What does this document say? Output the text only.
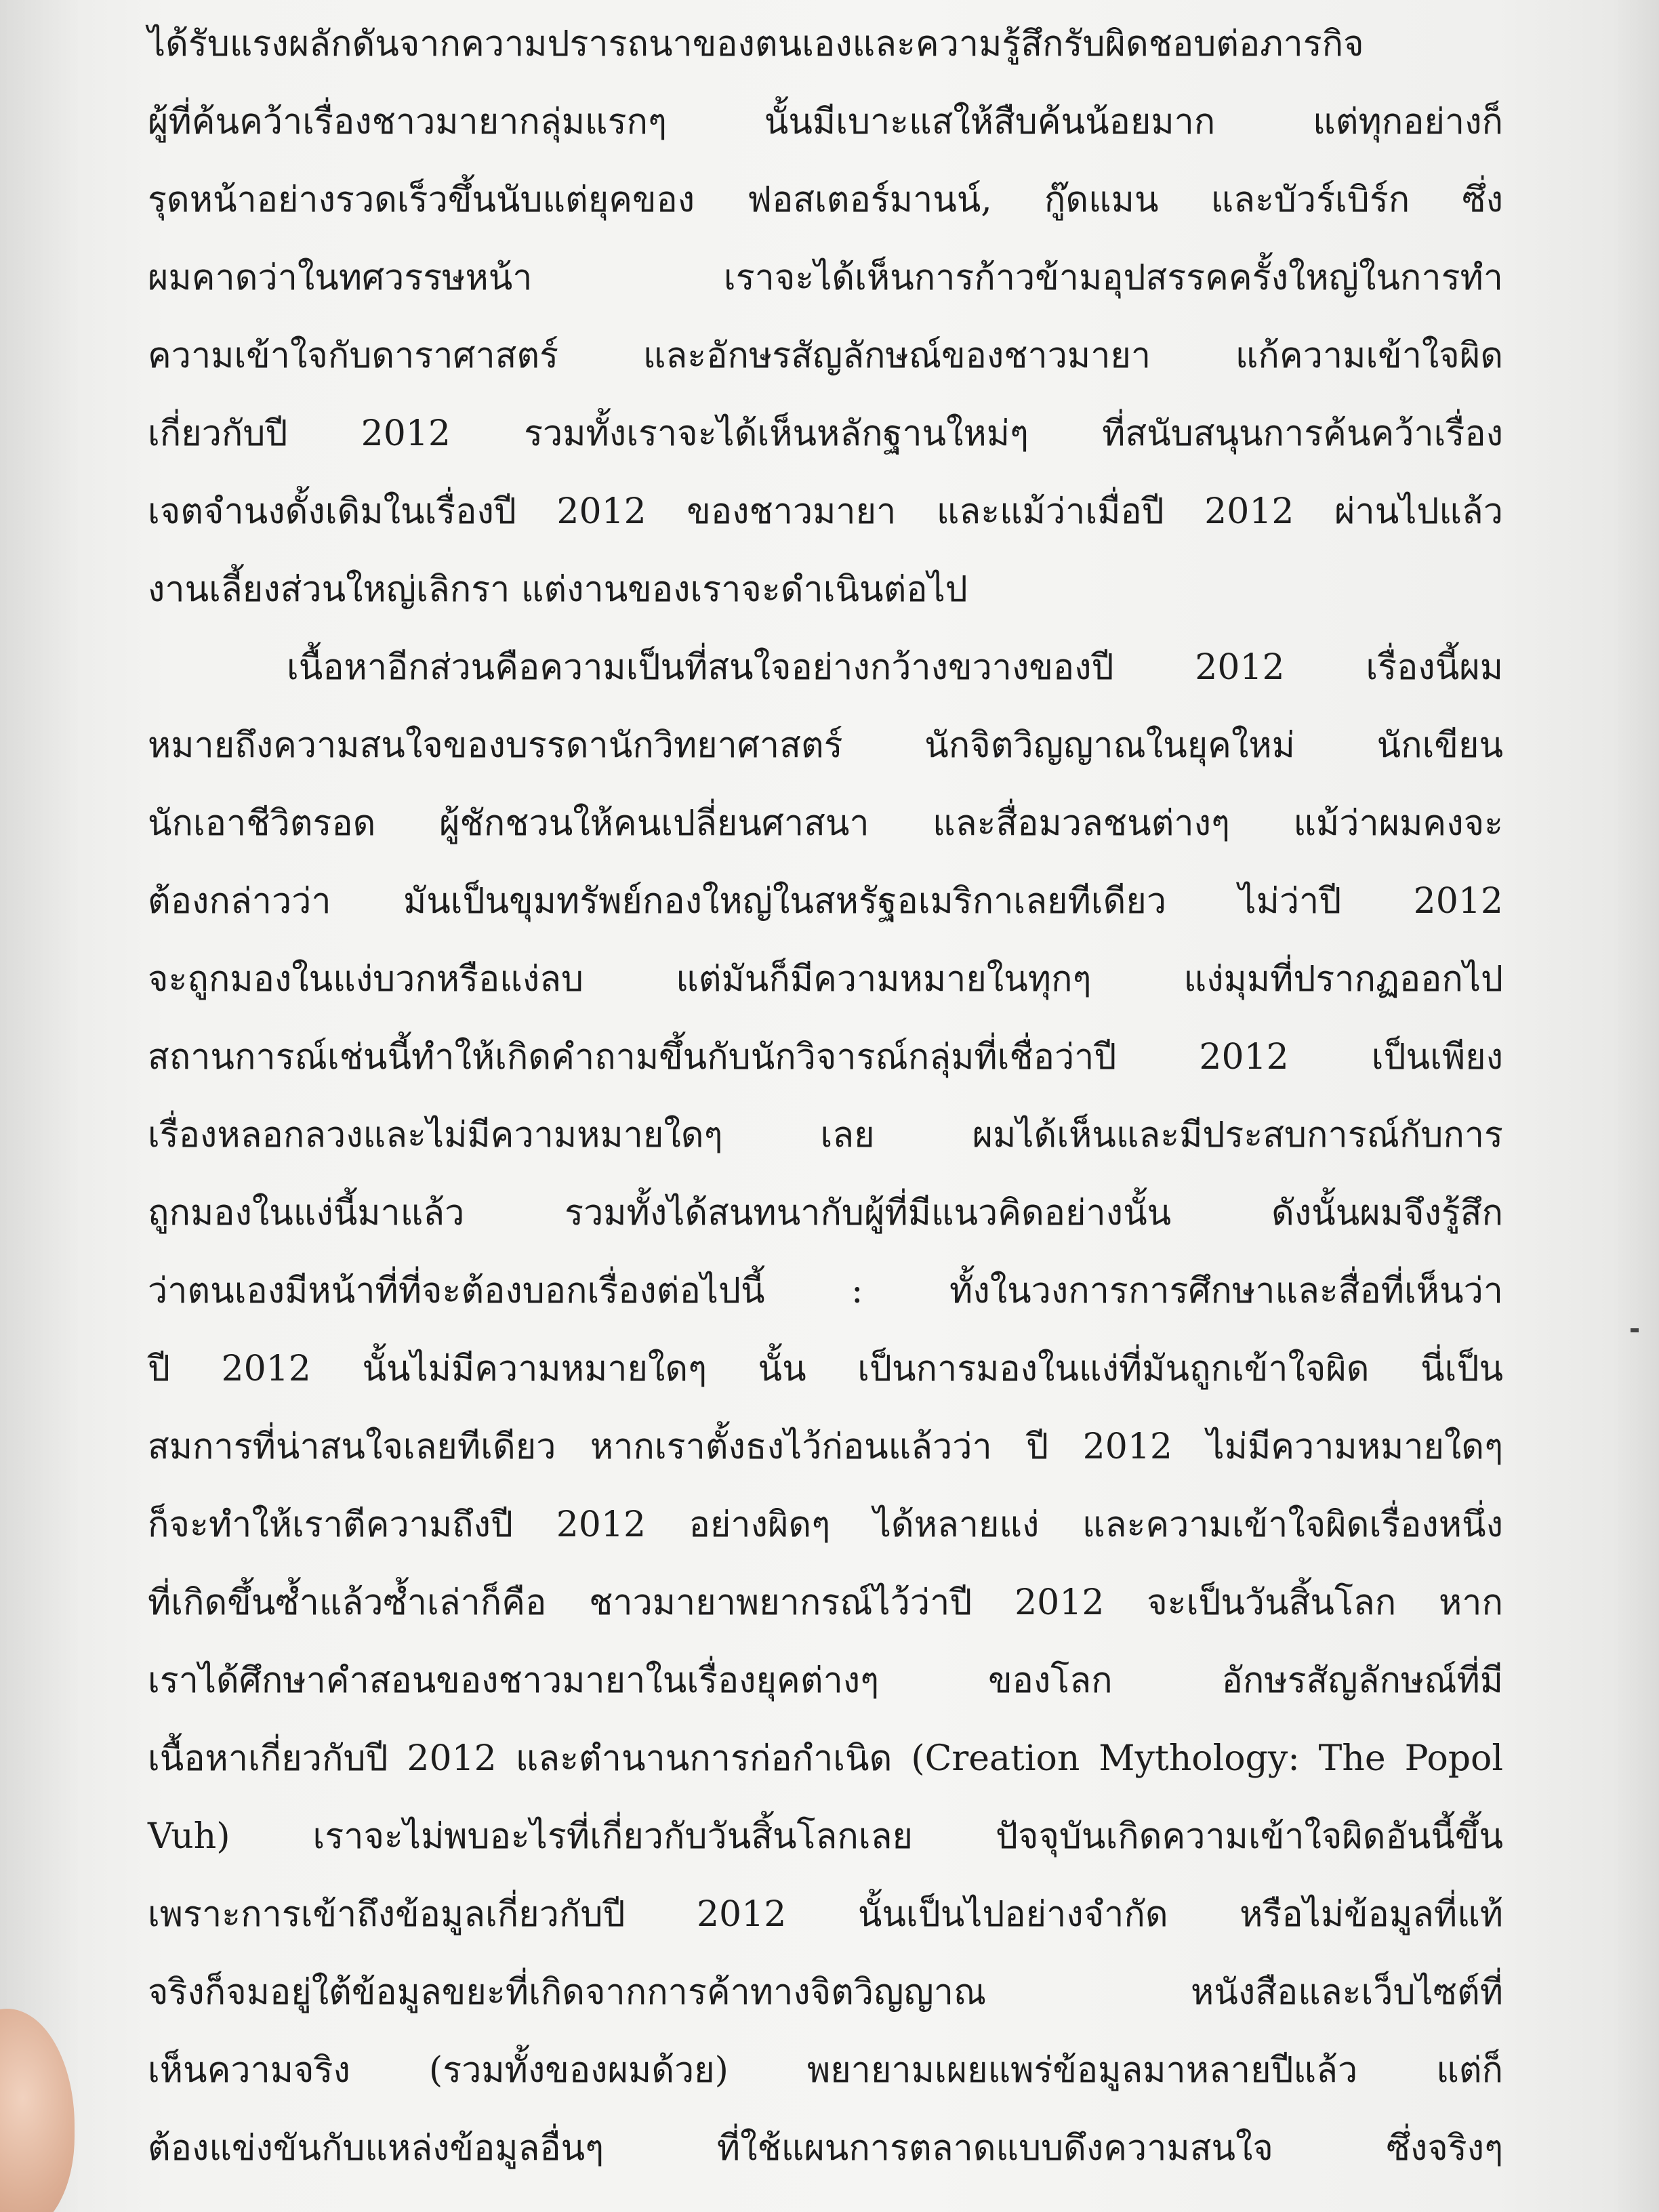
ได้รับแรงผลักดันจากความปรารถนาของตนเองและความรู้สึกรับผิดชอบต่อภารกิจ
ผู้ที่ค้นคว้าเรื่องชาวมายากลุ่มแรกๆ นั้นมีเบาะแสให้สืบค้นน้อยมาก แต่ทุกอย่างก็
รุดหน้าอย่างรวดเร็วขึ้นนับแต่ยุคของ ฟอสเตอร์มานน์, กู๊ดแมน และบัวร์เบิร์ก ซึ่ง
ผมคาดว่าในทศวรรษหน้า เราจะได้เห็นการก้าวข้ามอุปสรรคครั้งใหญ่ในการทำ
ความเข้าใจกับดาราศาสตร์ และอักษรสัญลักษณ์ของชาวมายา แก้ความเข้าใจผิด
เกี่ยวกับปี 2012 รวมทั้งเราจะได้เห็นหลักฐานใหม่ๆ ที่สนับสนุนการค้นคว้าเรื่อง
เจตจำนงดั้งเดิมในเรื่องปี 2012 ของชาวมายา และแม้ว่าเมื่อปี 2012 ผ่านไปแล้ว
งานเลี้ยงส่วนใหญ่เลิกรา แต่งานของเราจะดำเนินต่อไป
เนื้อหาอีกส่วนคือความเป็นที่สนใจอย่างกว้างขวางของปี 2012 เรื่องนี้ผม
หมายถึงความสนใจของบรรดานักวิทยาศาสตร์ นักจิตวิญญาณในยุคใหม่ นักเขียน
นักเอาชีวิตรอด ผู้ชักชวนให้คนเปลี่ยนศาสนา และสื่อมวลชนต่างๆ แม้ว่าผมคงจะ
ต้องกล่าวว่า มันเป็นขุมทรัพย์กองใหญ่ในสหรัฐอเมริกาเลยทีเดียว ไม่ว่าปี 2012
จะถูกมองในแง่บวกหรือแง่ลบ แต่มันก็มีความหมายในทุกๆ แง่มุมที่ปรากฏออกไป
สถานการณ์เช่นนี้ทำให้เกิดคำถามขึ้นกับนักวิจารณ์กลุ่มที่เชื่อว่าปี 2012 เป็นเพียง
เรื่องหลอกลวงและไม่มีความหมายใดๆ เลย ผมได้เห็นและมีประสบการณ์กับการ
ถูกมองในแง่นี้มาแล้ว รวมทั้งได้สนทนากับผู้ที่มีแนวคิดอย่างนั้น ดังนั้นผมจึงรู้สึก
ว่าตนเองมีหน้าที่ที่จะต้องบอกเรื่องต่อไปนี้ : ทั้งในวงการการศึกษาและสื่อที่เห็นว่า
ปี 2012 นั้นไม่มีความหมายใดๆ นั้น เป็นการมองในแง่ที่มันถูกเข้าใจผิด นี่เป็น
สมการที่น่าสนใจเลยทีเดียว หากเราตั้งธงไว้ก่อนแล้วว่า ปี 2012 ไม่มีความหมายใดๆ
ก็จะทำให้เราตีความถึงปี 2012 อย่างผิดๆ ได้หลายแง่ และความเข้าใจผิดเรื่องหนึ่ง
ที่เกิดขึ้นซ้ำแล้วซ้ำเล่าก็คือ ชาวมายาพยากรณ์ไว้ว่าปี 2012 จะเป็นวันสิ้นโลก หาก
เราได้ศึกษาคำสอนของชาวมายาในเรื่องยุคต่างๆ ของโลก อักษรสัญลักษณ์ที่มี
เนื้อหาเกี่ยวกับปี 2012 และตำนานการก่อกำเนิด (Creation Mythology: The Popol
Vuh) เราจะไม่พบอะไรที่เกี่ยวกับวันสิ้นโลกเลย ปัจจุบันเกิดความเข้าใจผิดอันนี้ขึ้น
เพราะการเข้าถึงข้อมูลเกี่ยวกับปี 2012 นั้นเป็นไปอย่างจำกัด หรือไม่ข้อมูลที่แท้
จริงก็จมอยู่ใต้ข้อมูลขยะที่เกิดจากการค้าทางจิตวิญญาณ หนังสือและเว็บไซต์ที่
เห็นความจริง (รวมทั้งของผมด้วย) พยายามเผยแพร่ข้อมูลมาหลายปีแล้ว แต่ก็
ต้องแข่งขันกับแหล่งข้อมูลอื่นๆ ที่ใช้แผนการตลาดแบบดึงความสนใจ ซึ่งจริงๆ
